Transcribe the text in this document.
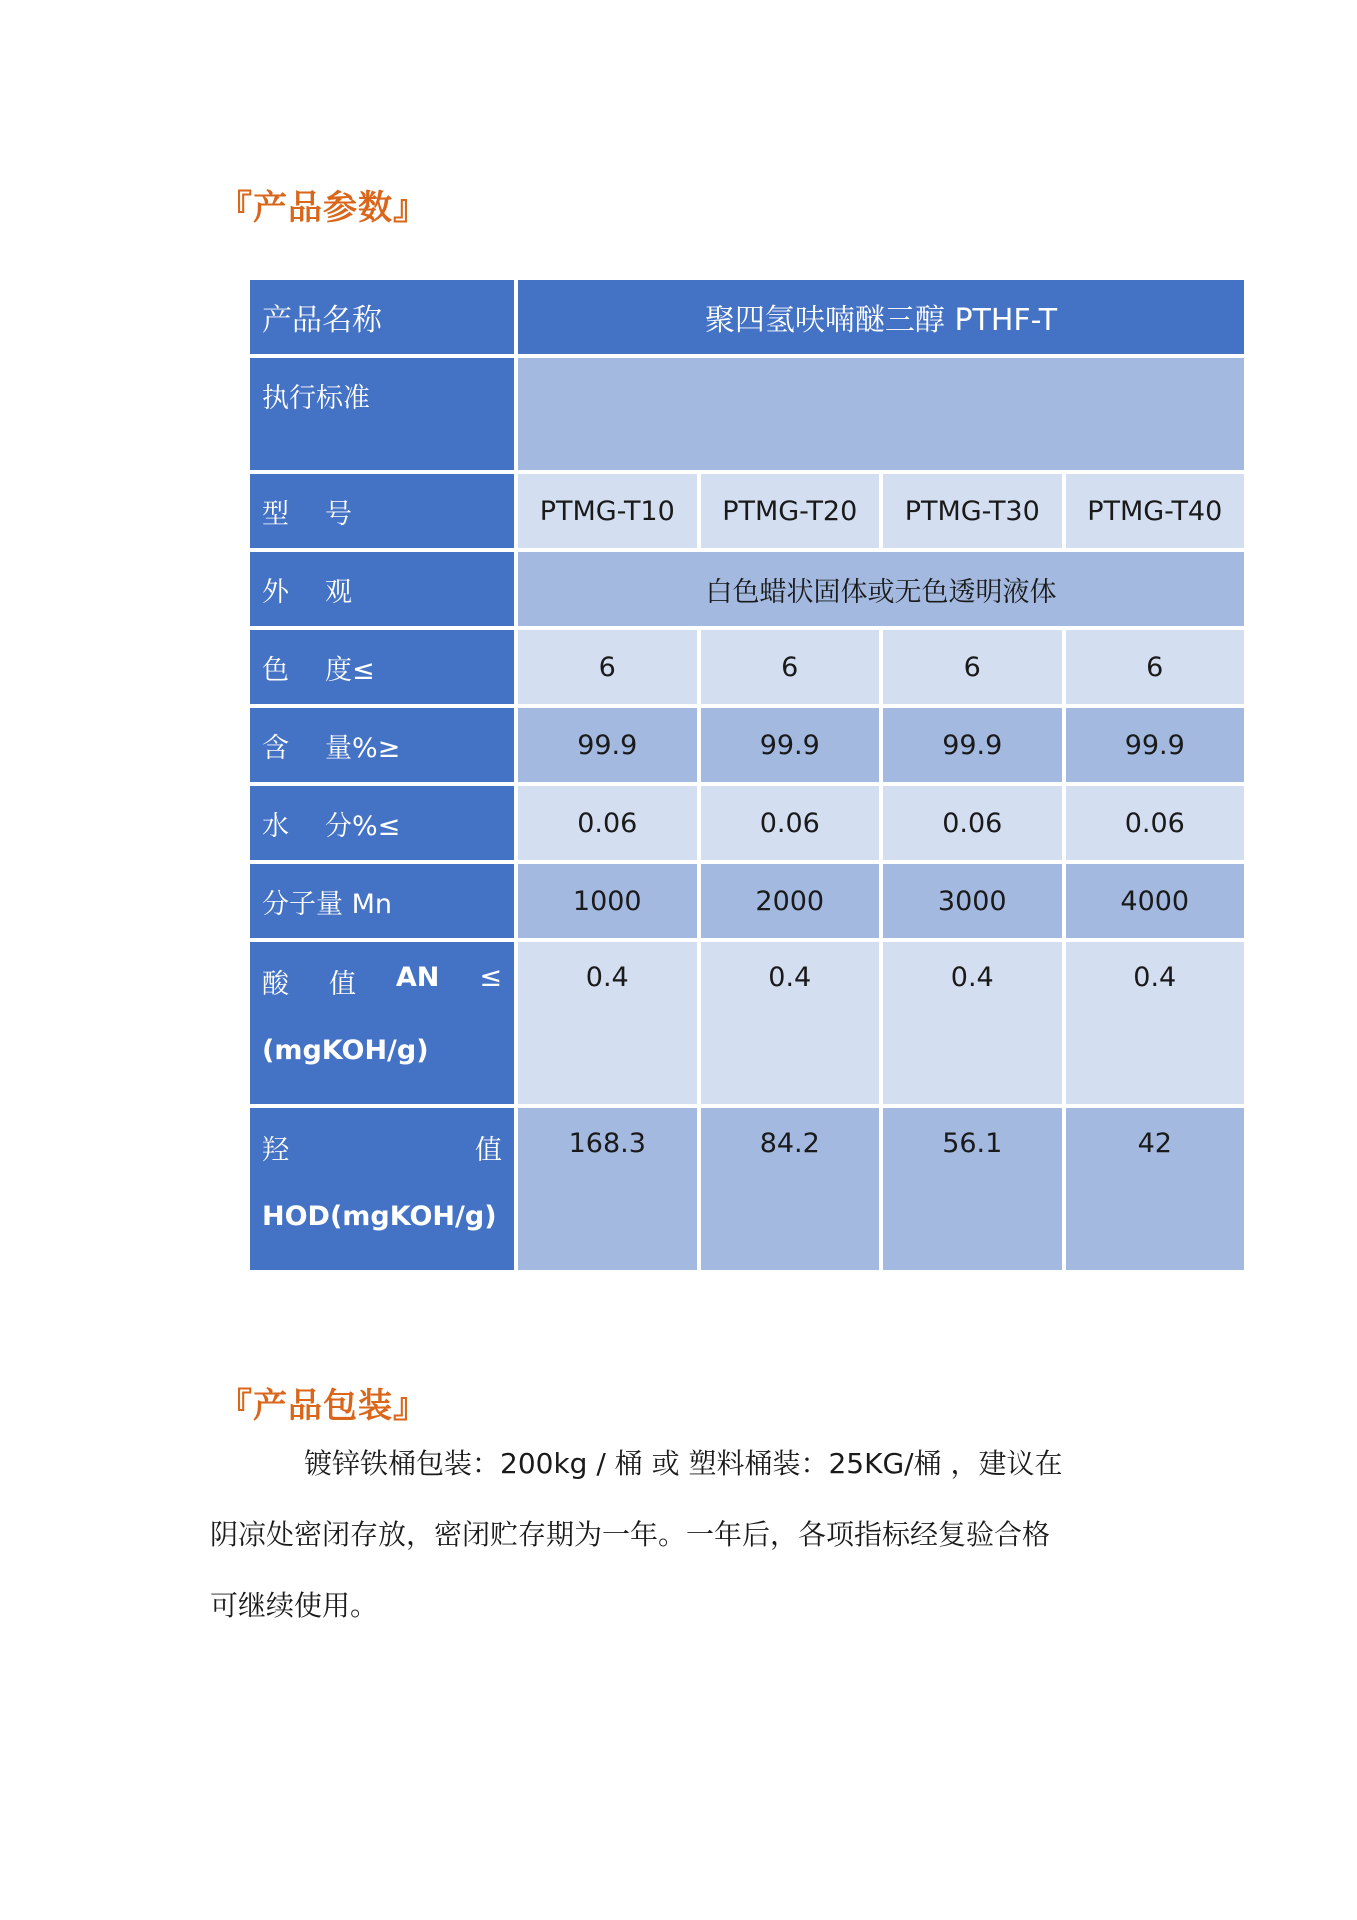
『产品参数』
产品名称	聚四氢呋喃醚三醇 PTHF-T			
执行标准				
型 号	PTMG-T10	PTMG-T20	PTMG-T30	PTMG-T40
外 观	白色蜡状固体或无色透明液体			
色 度≤	6	6	6	6
含 量%≥	99.9	99.9	99.9	99.9
水 分%≤	0.06	0.06	0.06	0.06
分子量 Mn	1000	2000	3000	4000

酸 值 AN ≤
(mgKOH/g)	0.4	0.4	0.4	0.4

羟 值
HOD(mgKOH/g)	168.3	84.2	56.1	42
『产品包装』
镀锌铁桶包装：200kg / 桶 或 塑料桶装：25KG/桶 ，建议在
阴凉处密闭存放，密闭贮存期为一年。一年后，各项指标经复验合格
可继续使用。
